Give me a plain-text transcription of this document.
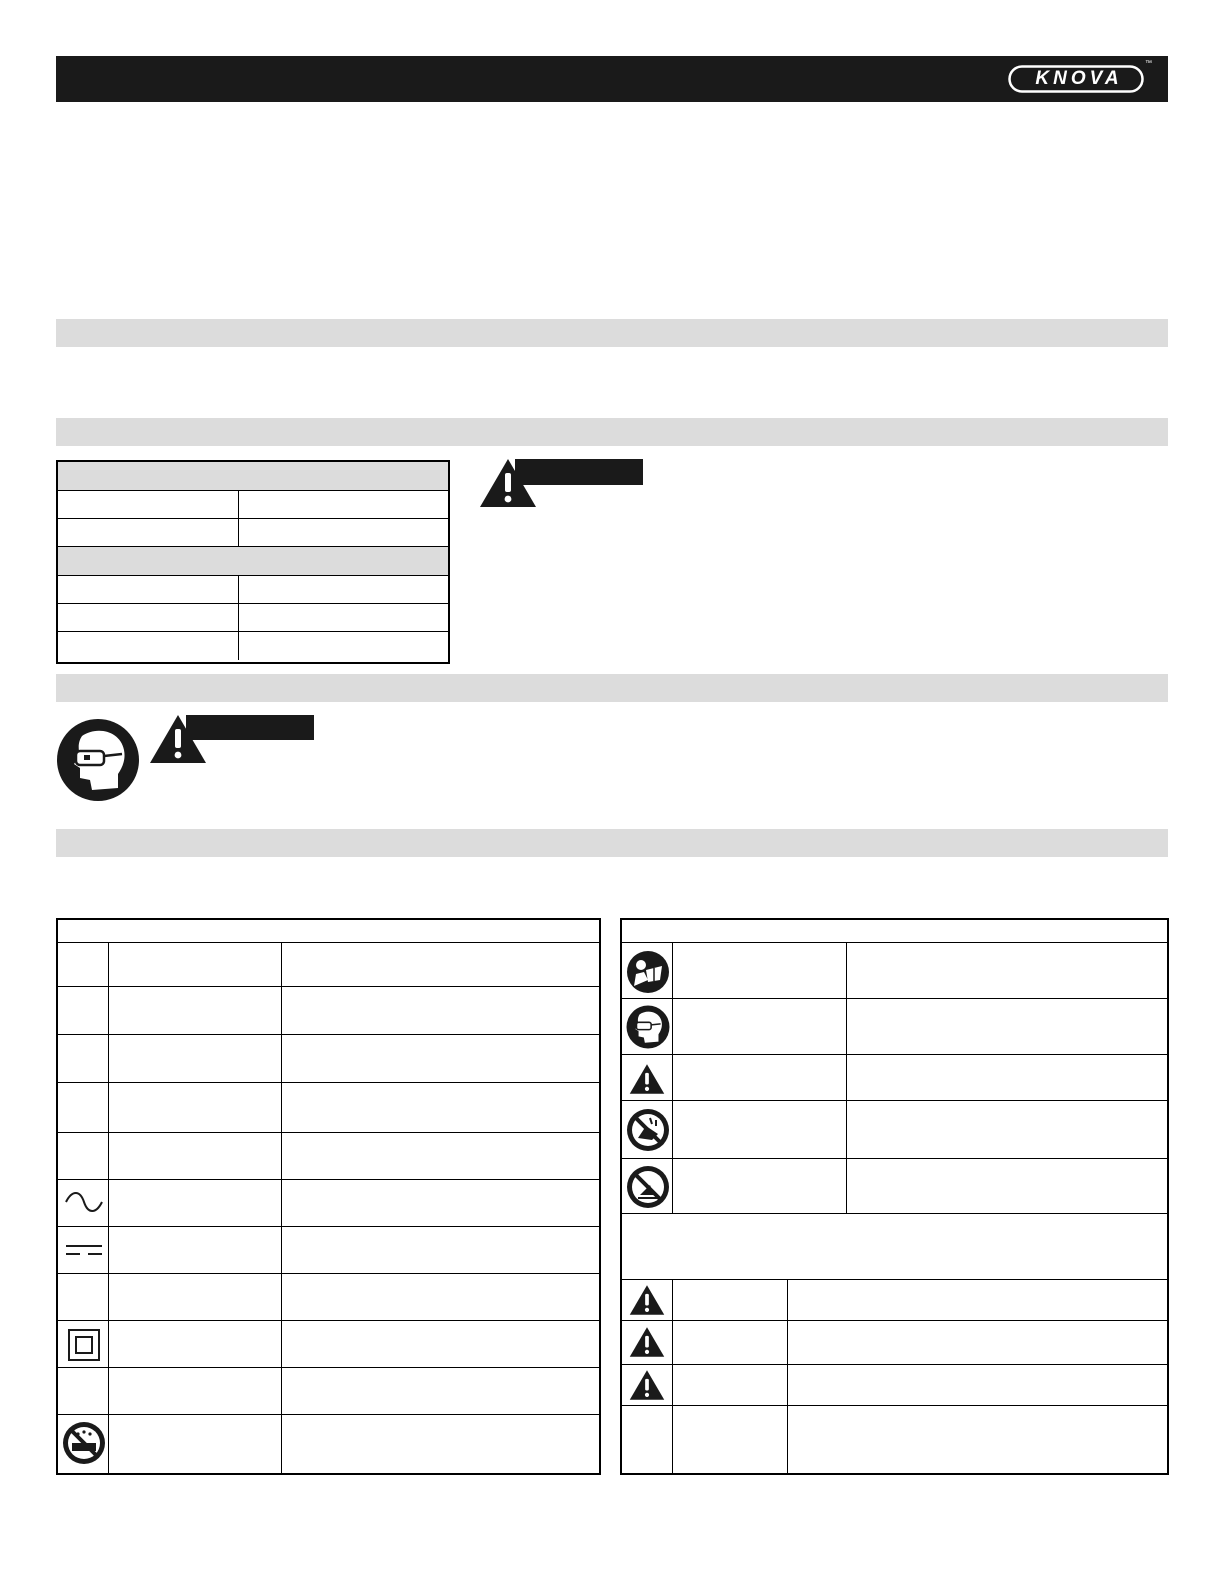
KNOVA
™
